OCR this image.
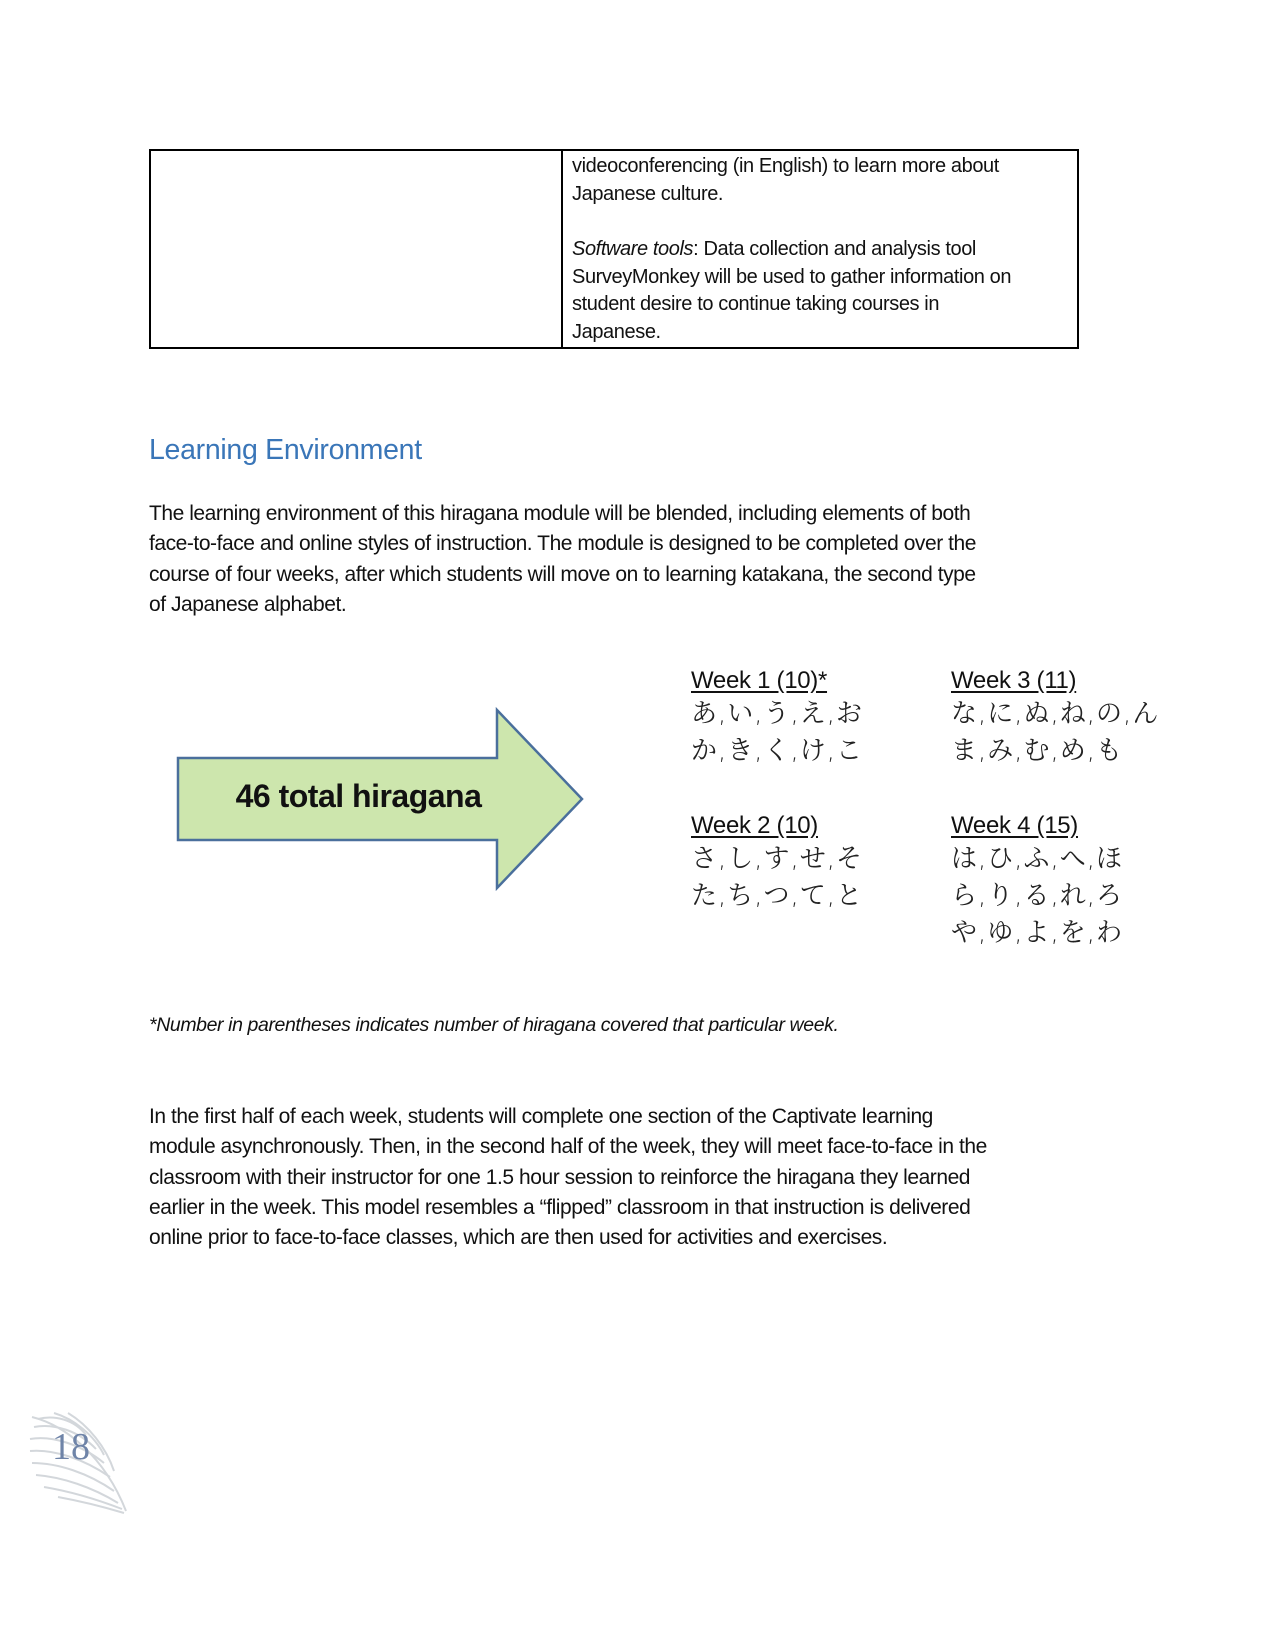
videoconferencing (in English) to learn more about

Japanese culture.

Software tools: Data collection and analysis tool

SurveyMonkey will be used to gather information on

student desire to continue taking courses in

Japanese.

Learning Environment

The learning environment of this hiragana module will be blended, including elements of both

face-to-face and online styles of instruction. The module is designed to be completed over the

course of four weeks, after which students will move on to learning katakana, the second type

of Japanese alphabet.

46 total hiragana
Week 1 (10)*
あ,い,う,え,お
か,き,く,け,こ
Week 2 (10)
さ,し,す,せ,そ
た,ち,つ,て,と
Week 3 (11)
な,に,ぬ,ね,の,ん
ま,み,む,め,も
Week 4 (15)
は,ひ,ふ,へ,ほ
ら,り,る,れ,ろ
や,ゆ,よ,を,わ
*Number in parentheses indicates number of hiragana covered that particular week.

In the first half of each week, students will complete one section of the Captivate learning

module asynchronously. Then, in the second half of the week, they will meet face-to-face in the

classroom with their instructor for one 1.5 hour session to reinforce the hiragana they learned

earlier in the week. This model resembles a “flipped” classroom in that instruction is delivered

online prior to face-to-face classes, which are then used for activities and exercises.

18
